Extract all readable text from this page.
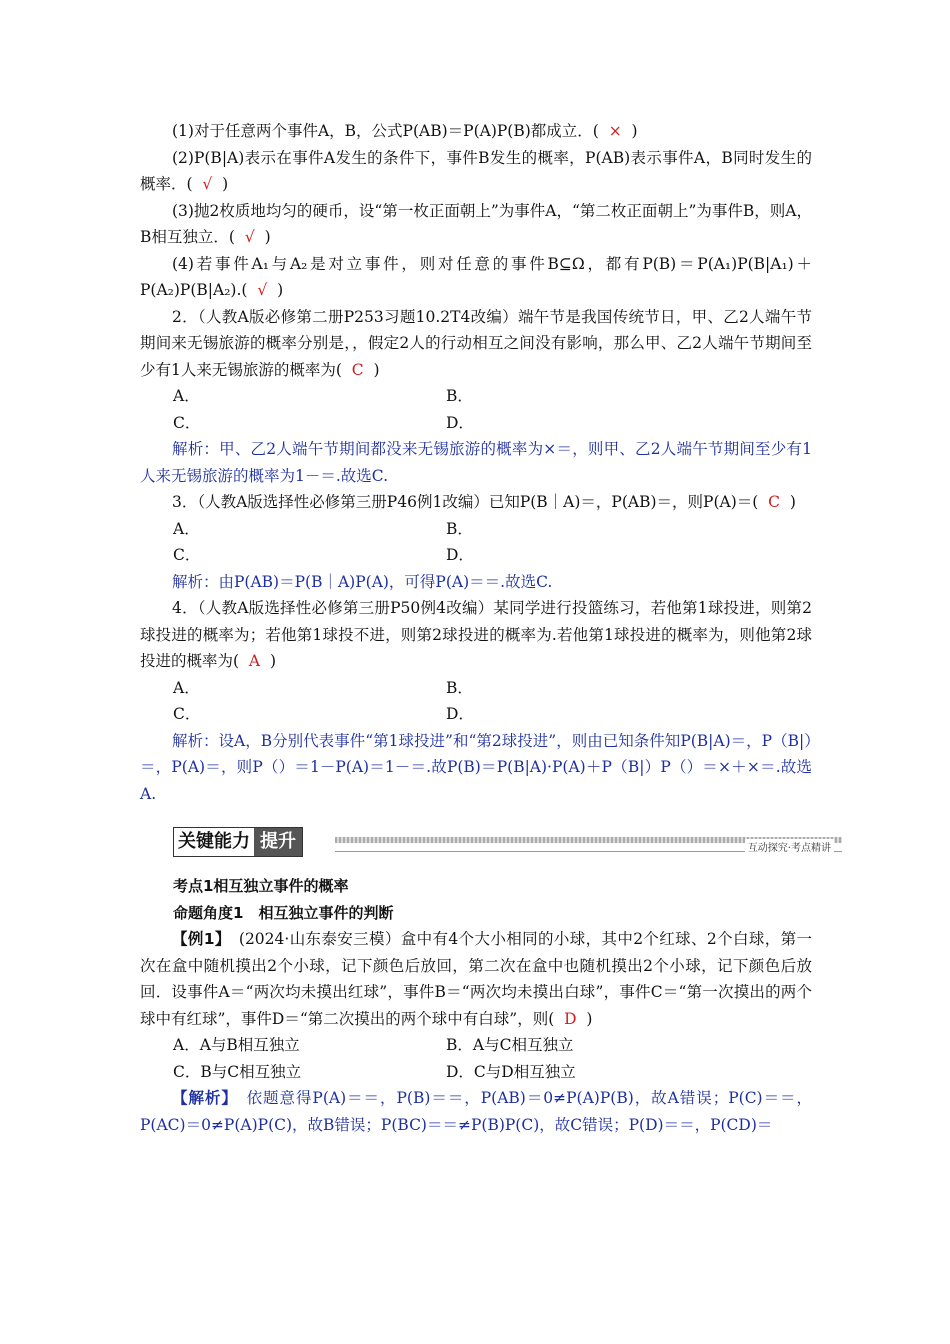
(1)对于任意两个事件A，B，公式P(AB)＝P(A)P(B)都成立．( × )

(2)P(B|A)表示在事件A发生的条件下，事件B发生的概率，P(AB)表示事件A，B同时发生的概率．( √ )

(3)抛2枚质地均匀的硬币，设“第一枚正面朝上”为事件A，“第二枚正面朝上”为事件B，则A，B相互独立．( √ )

(4)若事件A₁与A₂是对立事件，则对任意的事件B⊆Ω，都有P(B)＝P(A₁)P(B|A₁)＋P(A₂)P(B|A₂).( √ )

2．（人教A版必修第二册P253习题10.2T4改编）端午节是我国传统节日，甲、乙2人端午节期间来无锡旅游的概率分别是，，假定2人的行动相互之间没有影响，那么甲、乙2人端午节期间至少有1人来无锡旅游的概率为( C )

A．	B．
C．	D．

解析：甲、乙2人端午节期间都没来无锡旅游的概率为×＝，则甲、乙2人端午节期间至少有1人来无锡旅游的概率为1－＝.故选C.

3．（人教A版选择性必修第三册P46例1改编）已知P(B｜A)＝，P(AB)＝，则P(A)＝( C )

A．	B．
C．	D．

解析：由P(AB)＝P(B｜A)P(A)，可得P(A)＝＝.故选C.

4．（人教A版选择性必修第三册P50例4改编）某同学进行投篮练习，若他第1球投进，则第2球投进的概率为；若他第1球投不进，则第2球投进的概率为.若他第1球投进的概率为，则他第2球投进的概率为( A )

A．	B．
C．	D．

解析：设A，B分别代表事件“第1球投进”和“第2球投进”，则由已知条件知P(B|A)＝，P（B|）＝，P(A)＝，则P（）＝1－P(A)＝1－＝.故P(B)＝P(B|A)·P(A)＋P（B|）P（）＝×＋×＝.故选A.

关键能力 提升	互动探究·考点精讲

考点1相互独立事件的概率

命题角度1　相互独立事件的判断

【例1】　(2024·山东泰安三模）盒中有4个大小相同的小球，其中2个红球、2个白球，第一次在盒中随机摸出2个小球，记下颜色后放回，第二次在盒中也随机摸出2个小球，记下颜色后放回．设事件A＝“两次均未摸出红球”，事件B＝“两次均未摸出白球”，事件C＝“第一次摸出的两个球中有红球”，事件D＝“第二次摸出的两个球中有白球”，则( D )

A．A与B相互独立	B．A与C相互独立
C．B与C相互独立	D．C与D相互独立

【解析】　依题意得P(A)＝＝，P(B)＝＝，P(AB)＝0≠P(A)P(B)，故A错误；P(C)＝＝，P(AC)＝0≠P(A)P(C)，故B错误；P(BC)＝＝≠P(B)P(C)，故C错误；P(D)＝＝，P(CD)＝
